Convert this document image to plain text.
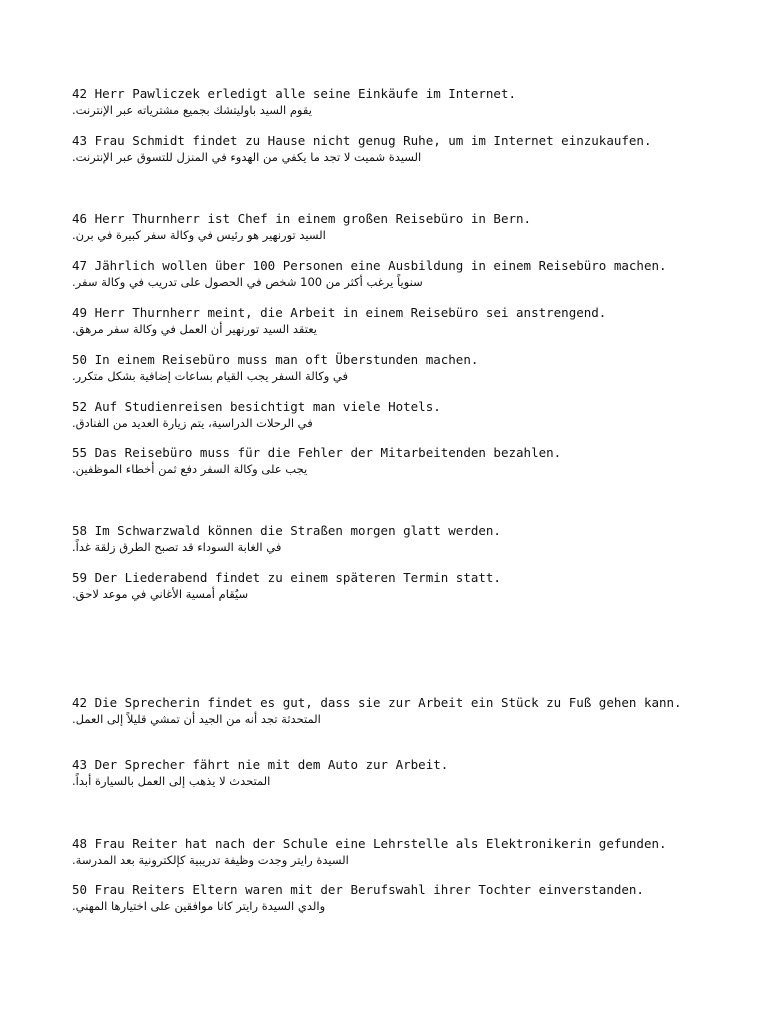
42 Herr Pawliczek erledigt alle seine Einkäufe im Internet.
يقوم السيد باوليتشك بجميع مشترياته عبر الإنترنت.
43 Frau Schmidt findet zu Hause nicht genug Ruhe, um im Internet einzukaufen.
السيدة شميت لا تجد ما يكفي من الهدوء في المنزل للتسوق عبر الإنترنت.
46 Herr Thurnherr ist Chef in einem großen Reisebüro in Bern.
السيد تورنهير هو رئيس في وكالة سفر كبيرة في برن.
47 Jährlich wollen über 100 Personen eine Ausbildung in einem Reisebüro machen.
سنوياً يرغب أكثر من 100 شخص في الحصول على تدريب في وكالة سفر.
49 Herr Thurnherr meint, die Arbeit in einem Reisebüro sei anstrengend.
يعتقد السيد تورنهير أن العمل في وكالة سفر مرهق.
50 In einem Reisebüro muss man oft Überstunden machen.
في وكالة السفر يجب القيام بساعات إضافية بشكل متكرر.
52 Auf Studienreisen besichtigt man viele Hotels.
في الرحلات الدراسية، يتم زيارة العديد من الفنادق.
55 Das Reisebüro muss für die Fehler der Mitarbeitenden bezahlen.
يجب على وكالة السفر دفع ثمن أخطاء الموظفين.
58 Im Schwarzwald können die Straßen morgen glatt werden.
في الغابة السوداء قد تصبح الطرق زلقة غداً.
59 Der Liederabend findet zu einem späteren Termin statt.
سيُقام أمسية الأغاني في موعد لاحق.
42 Die Sprecherin findet es gut, dass sie zur Arbeit ein Stück zu Fuß gehen kann.
المتحدثة تجد أنه من الجيد أن تمشي قليلاً إلى العمل.
43 Der Sprecher fährt nie mit dem Auto zur Arbeit.
المتحدث لا يذهب إلى العمل بالسيارة أبداً.
48 Frau Reiter hat nach der Schule eine Lehrstelle als Elektronikerin gefunden.
السيدة رايتر وجدت وظيفة تدريبية كإلكترونية بعد المدرسة.
50 Frau Reiters Eltern waren mit der Berufswahl ihrer Tochter einverstanden.
والدي السيدة رايتر كانا موافقين على اختيارها المهني.
